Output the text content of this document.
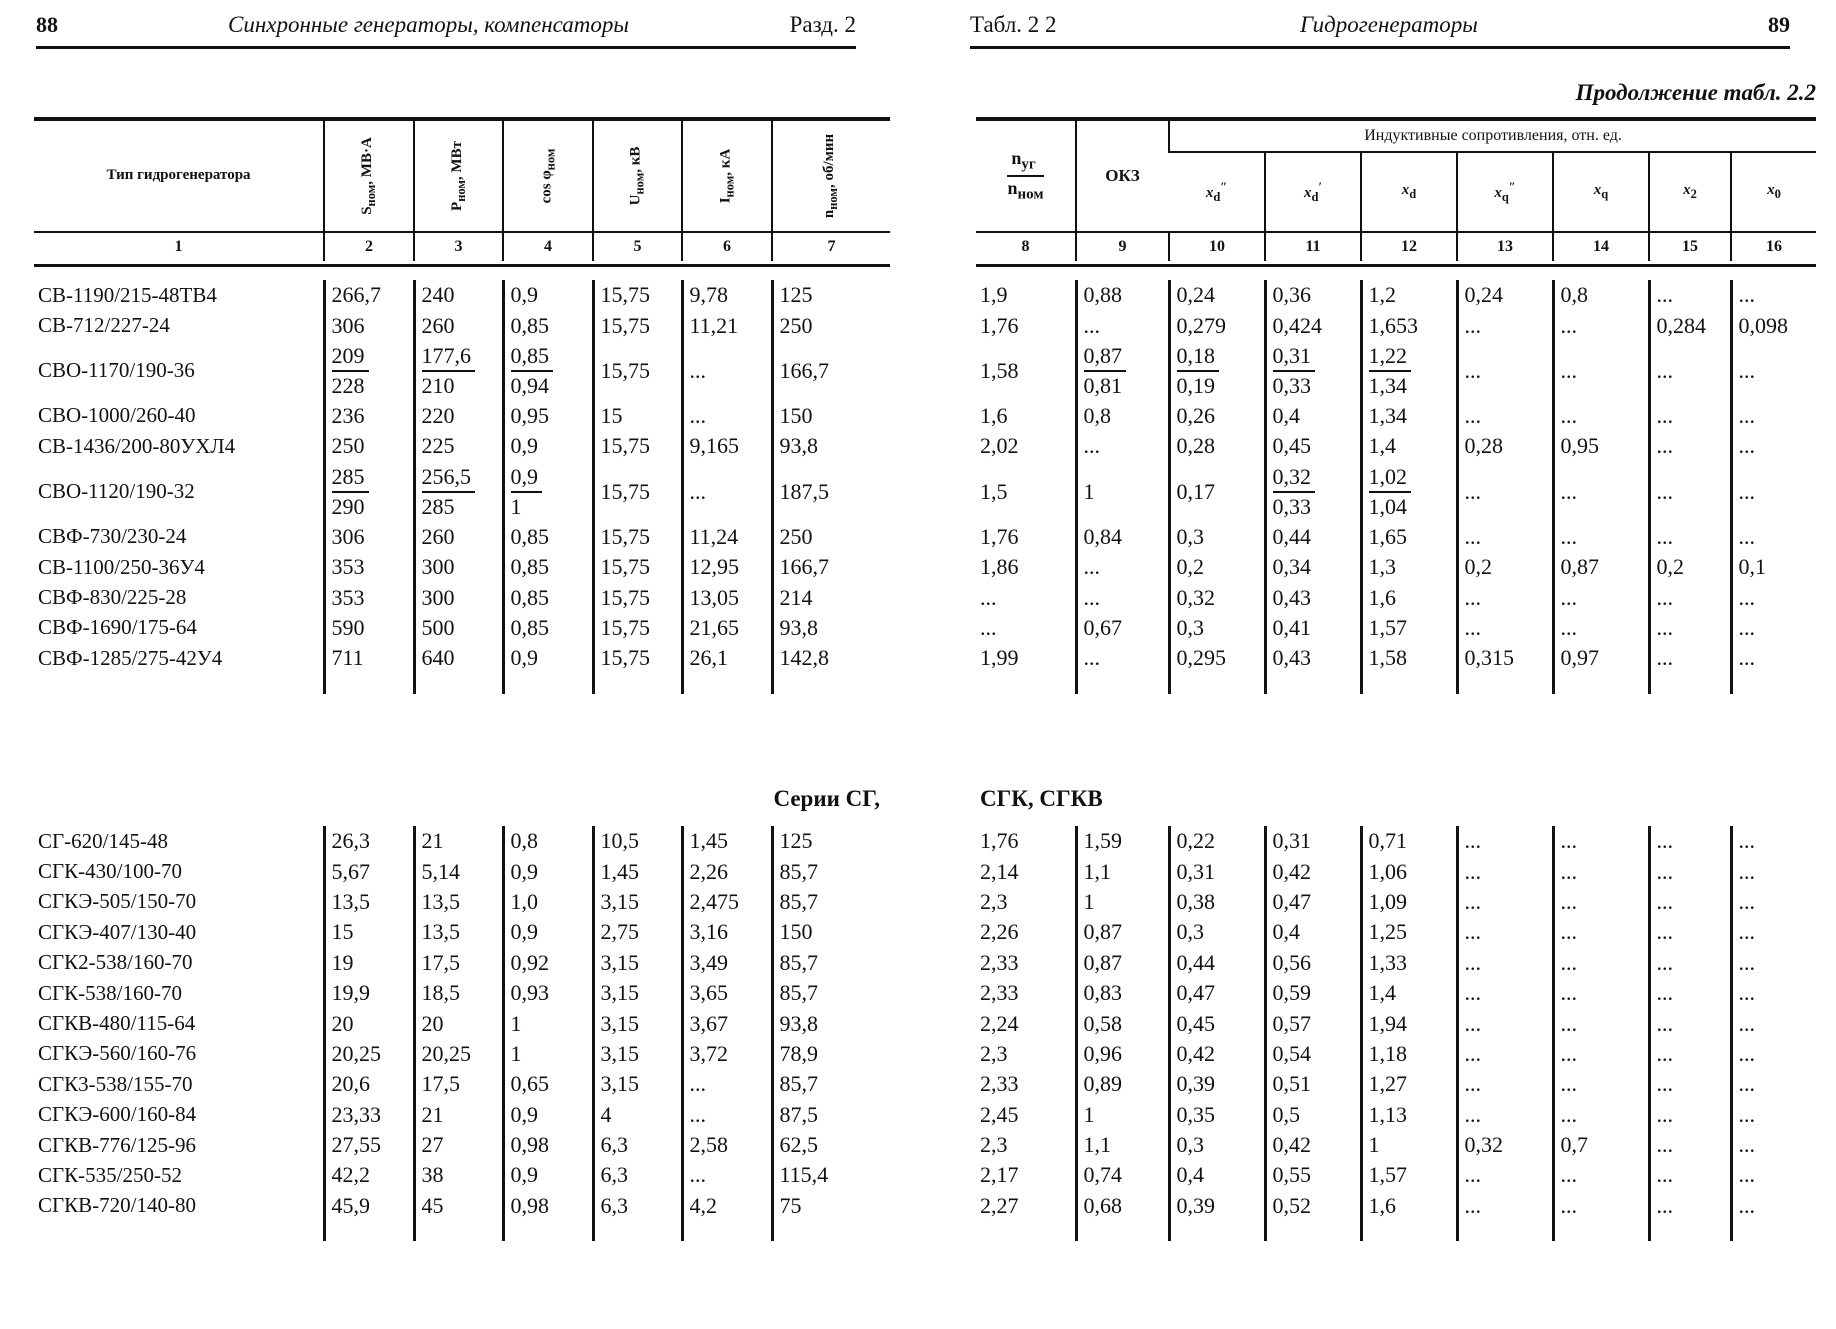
88	Синхронные генераторы, компенсаторы	Разд. 2
Тип гидрогенератора	$S_{ном}$, МВ·А	$P_{ном}$, МВт	$\cos \varphi_{ном}$	$U_{ном}$, кВ	$I_{ном}$, кА	$n_{ном}$, об/мин
1	2	3	4	5	6	7
СВ-1190/215-48ТВ4	266,7	240	0,9	15,75	9,78	125
СВ-712/227-24	306	260	0,85	15,75	11,21	250
СВО-1170/190-36	$\frac{209}{228}$	$\frac{177,6}{210}$	$\frac{0,85}{0,94}$	15,75	...	166,7
СВО-1000/260-40	236	220	0,95	15	...	150
СВ-1436/200-80УХЛ4	250	225	0,9	15,75	9,165	93,8
СВО-1120/190-32	$\frac{285}{290}$	$\frac{256,5}{285}$	$\frac{0,9}{1}$	15,75	...	187,5
СВФ-730/230-24	306	260	0,85	15,75	11,24	250
СВ-1100/250-36У4	353	300	0,85	15,75	12,95	166,7
СВФ-830/225-28	353	300	0,85	15,75	13,05	214
СВФ-1690/175-64	590	500	0,85	15,75	21,65	93,8
СВФ-1285/275-42У4	711	640	0,9	15,75	26,1	142,8

Серии СГ,
СГ-620/145-48	26,3	21	0,8	10,5	1,45	125
СГК-430/100-70	5,67	5,14	0,9	1,45	2,26	85,7
СГКЭ-505/150-70	13,5	13,5	1,0	3,15	2,475	85,7
СГКЭ-407/130-40	15	13,5	0,9	2,75	3,16	150
СГК2-538/160-70	19	17,5	0,92	3,15	3,49	85,7
СГК-538/160-70	19,9	18,5	0,93	3,15	3,65	85,7
СГКВ-480/115-64	20	20	1	3,15	3,67	93,8
СГКЭ-560/160-76	20,25	20,25	1	3,15	3,72	78,9
СГК3-538/155-70	20,6	17,5	0,65	3,15	...	85,7
СГКЭ-600/160-84	23,33	21	0,9	4	...	87,5
СГКВ-776/125-96	27,55	27	0,98	6,3	2,58	62,5
СГК-535/250-52	42,2	38	0,9	6,3	...	115,4
СГКВ-720/140-80	45,9	45	0,98	6,3	4,2	75

Табл. 2 2	Гидрогенераторы	89
Продолжение табл. 2.2
$\frac{n_{уг}}{n_{ном}}$	ОКЗ	Индуктивные сопротивления, отн. ед.						
		$x_d''$	$x_d'$	$x_d$	$x_q''$	$x_q$	$x_2$	$x_0$
8	9	10	11	12	13	14	15	16
1,9	0,88	0,24	0,36	1,2	0,24	0,8	...	...
1,76	...	0,279	0,424	1,653	...	...	0,284	0,098
1,58	$\frac{0,87}{0,81}$	$\frac{0,18}{0,19}$	$\frac{0,31}{0,33}$	$\frac{1,22}{1,34}$	...	...	...	...
1,6	0,8	0,26	0,4	1,34	...	...	...	...
2,02	...	0,28	0,45	1,4	0,28	0,95	...	...
1,5	1	0,17	$\frac{0,32}{0,33}$	$\frac{1,02}{1,04}$	...	...	...	...
1,76	0,84	0,3	0,44	1,65	...	...	...	...
1,86	...	0,2	0,34	1,3	0,2	0,87	0,2	0,1
...	...	0,32	0,43	1,6	...	...	...	...
...	0,67	0,3	0,41	1,57	...	...	...	...
1,99	...	0,295	0,43	1,58	0,315	0,97	...	...

СГК, СГКВ
1,76	1,59	0,22	0,31	0,71	...	...	...	...
2,14	1,1	0,31	0,42	1,06	...	...	...	...
2,3	1	0,38	0,47	1,09	...	...	...	...
2,26	0,87	0,3	0,4	1,25	...	...	...	...
2,33	0,87	0,44	0,56	1,33	...	...	...	...
2,33	0,83	0,47	0,59	1,4	...	...	...	...
2,24	0,58	0,45	0,57	1,94	...	...	...	...
2,3	0,96	0,42	0,54	1,18	...	...	...	...
2,33	0,89	0,39	0,51	1,27	...	...	...	...
2,45	1	0,35	0,5	1,13	...	...	...	...
2,3	1,1	0,3	0,42	1	0,32	0,7	...	...
2,17	0,74	0,4	0,55	1,57	...	...	...	...
2,27	0,68	0,39	0,52	1,6	...	...	...	...
